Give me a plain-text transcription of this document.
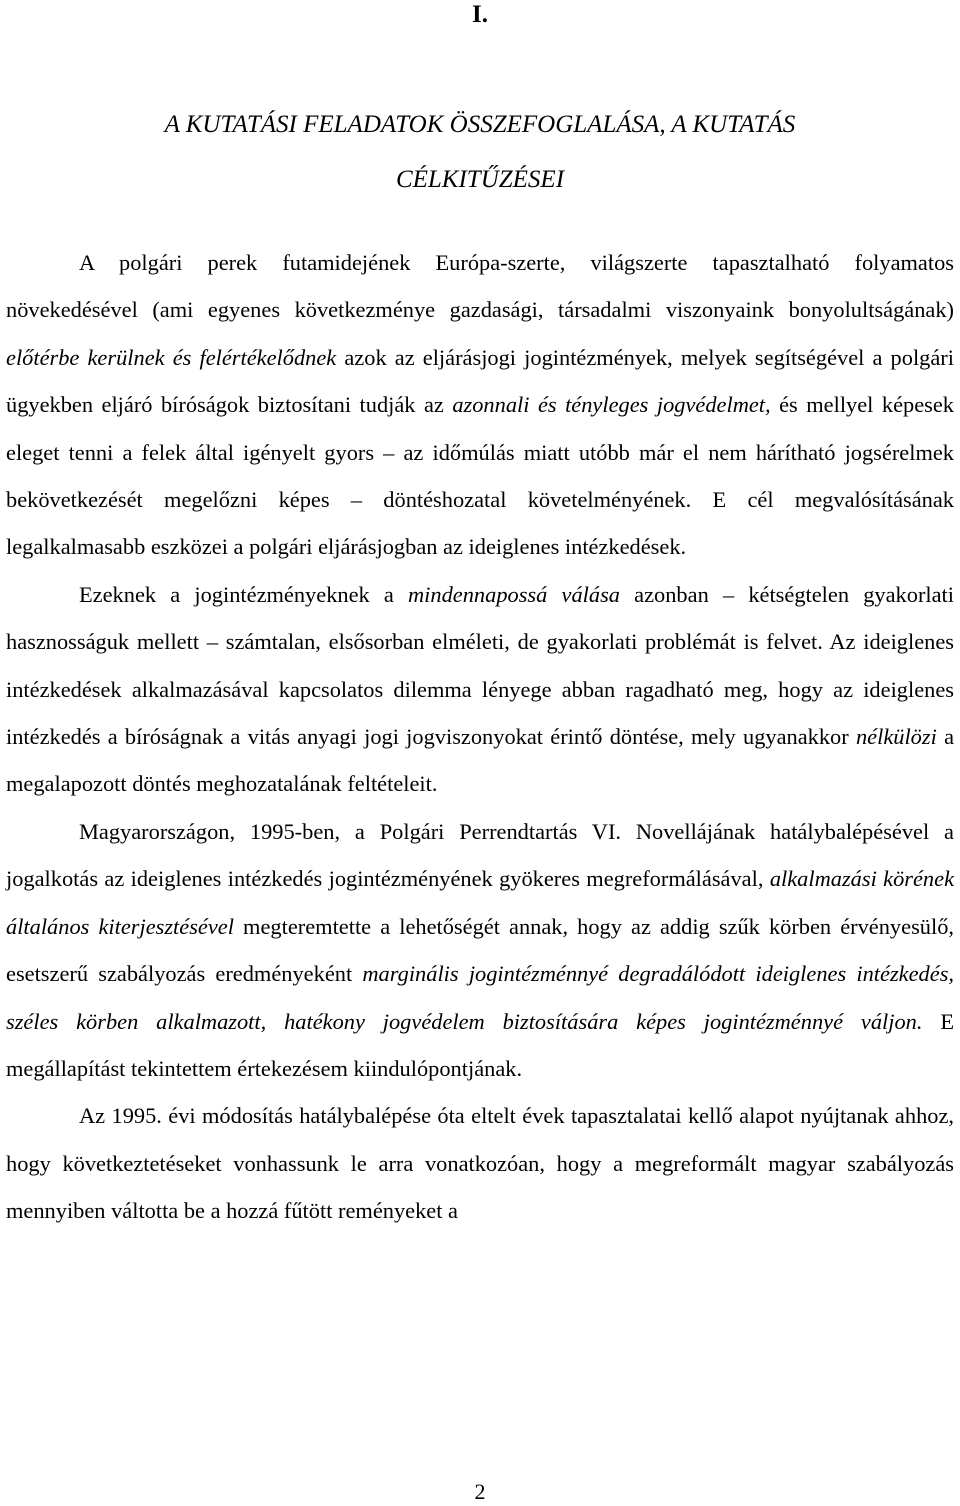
I.
A KUTATÁSI FELADATOK ÖSSZEFOGLALÁSA, A KUTATÁS
CÉLKITŰZÉSEI

A polgári perek futamidejének Európa-szerte, világszerte tapasztalható folyamatos növekedésével (ami egyenes következménye gazdasági, társadalmi viszonyaink bonyolultságának) előtérbe kerülnek és felértékelődnek azok az eljárásjogi jogintézmények, melyek segítségével a polgári ügyekben eljáró bíróságok biztosítani tudják az azonnali és tényleges jogvédelmet, és mellyel képesek eleget tenni a felek által igényelt gyors – az időmúlás miatt utóbb már el nem hárítható jogsérelmek bekövetkezését megelőzni képes – döntéshozatal követelményének. E cél megvalósításának legalkalmasabb eszközei a polgári eljárásjogban az ideiglenes intézkedések.

Ezeknek a jogintézményeknek a mindennapossá válása azonban – kétségtelen gyakorlati hasznosságuk mellett – számtalan, elsősorban elméleti, de gyakorlati problémát is felvet. Az ideiglenes intézkedések alkalmazásával kapcsolatos dilemma lényege abban ragadható meg, hogy az ideiglenes intézkedés a bíróságnak a vitás anyagi jogi jogviszonyokat érintő döntése, mely ugyanakkor nélkülözi a megalapozott döntés meghozatalának feltételeit.

Magyarországon, 1995-ben, a Polgári Perrendtartás VI. Novellájának hatálybalépésével a jogalkotás az ideiglenes intézkedés jogintézményének gyökeres megreformálásával, alkalmazási körének általános kiterjesztésével megteremtette a lehetőségét annak, hogy az addig szűk körben érvényesülő, esetszerű szabályozás eredményeként marginális jogintézménnyé degradálódott ideiglenes intézkedés, széles körben alkalmazott, hatékony jogvédelem biztosítására képes jogintézménnyé váljon. E megállapítást tekintettem értekezésem kiindulópontjának.

Az 1995. évi módosítás hatálybalépése óta eltelt évek tapasztalatai kellő alapot nyújtanak ahhoz, hogy következtetéseket vonhassunk le arra vonatkozóan, hogy a megreformált magyar szabályozás mennyiben váltotta be a hozzá fűtött reményeket a

2
